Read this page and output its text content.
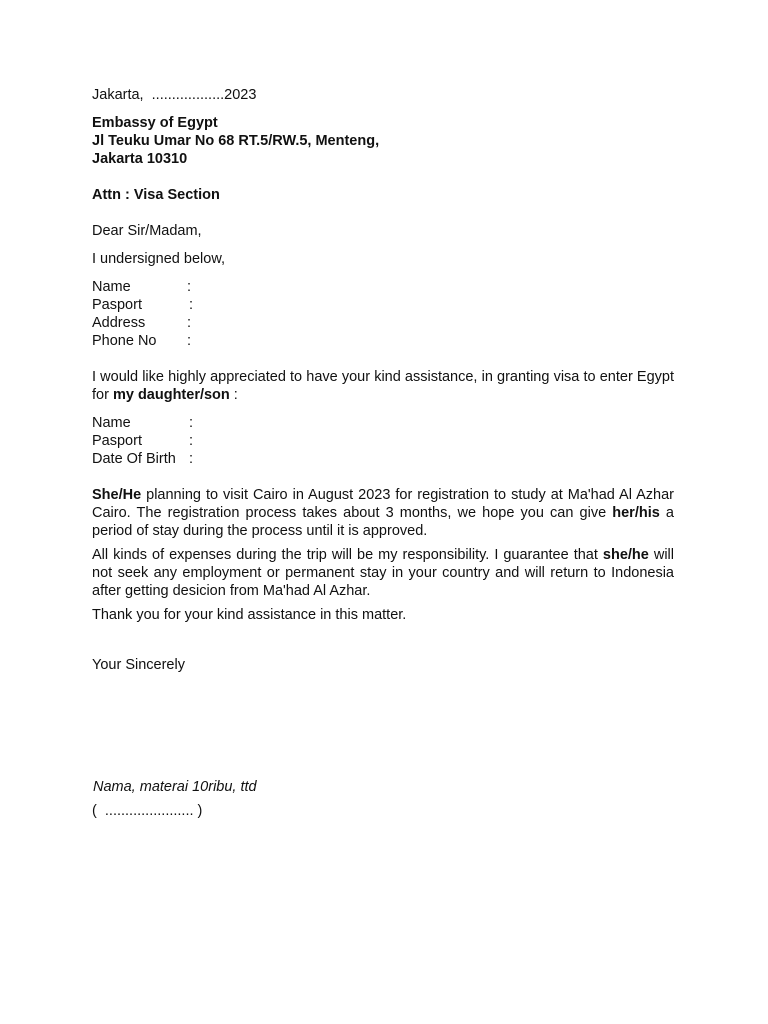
Jakarta,  ..................2023
Embassy of Egypt
Jl Teuku Umar No 68 RT.5/RW.5, Menteng,
Jakarta 10310
Attn : Visa Section
Dear Sir/Madam,
I undersigned below,
Name	:
Pasport	:
Address	:
Phone No	:
I would like highly appreciated to have your kind assistance, in granting visa to enter Egypt for my daughter/son :
Name	:
Pasport	:
Date Of Birth :
She/He planning to visit Cairo in August 2023 for registration to study at Ma'had Al Azhar Cairo. The registration process takes about 3 months, we hope you can give her/his a period of stay during the process until it is approved.
All kinds of expenses during the trip will be my responsibility. I guarantee that she/he will not seek any employment or permanent stay in your country and will return to Indonesia after getting desicion from Ma'had Al Azhar.
Thank you for your kind assistance in this matter.
Your Sincerely
Nama, materai 10ribu, ttd
(  ...................... )
